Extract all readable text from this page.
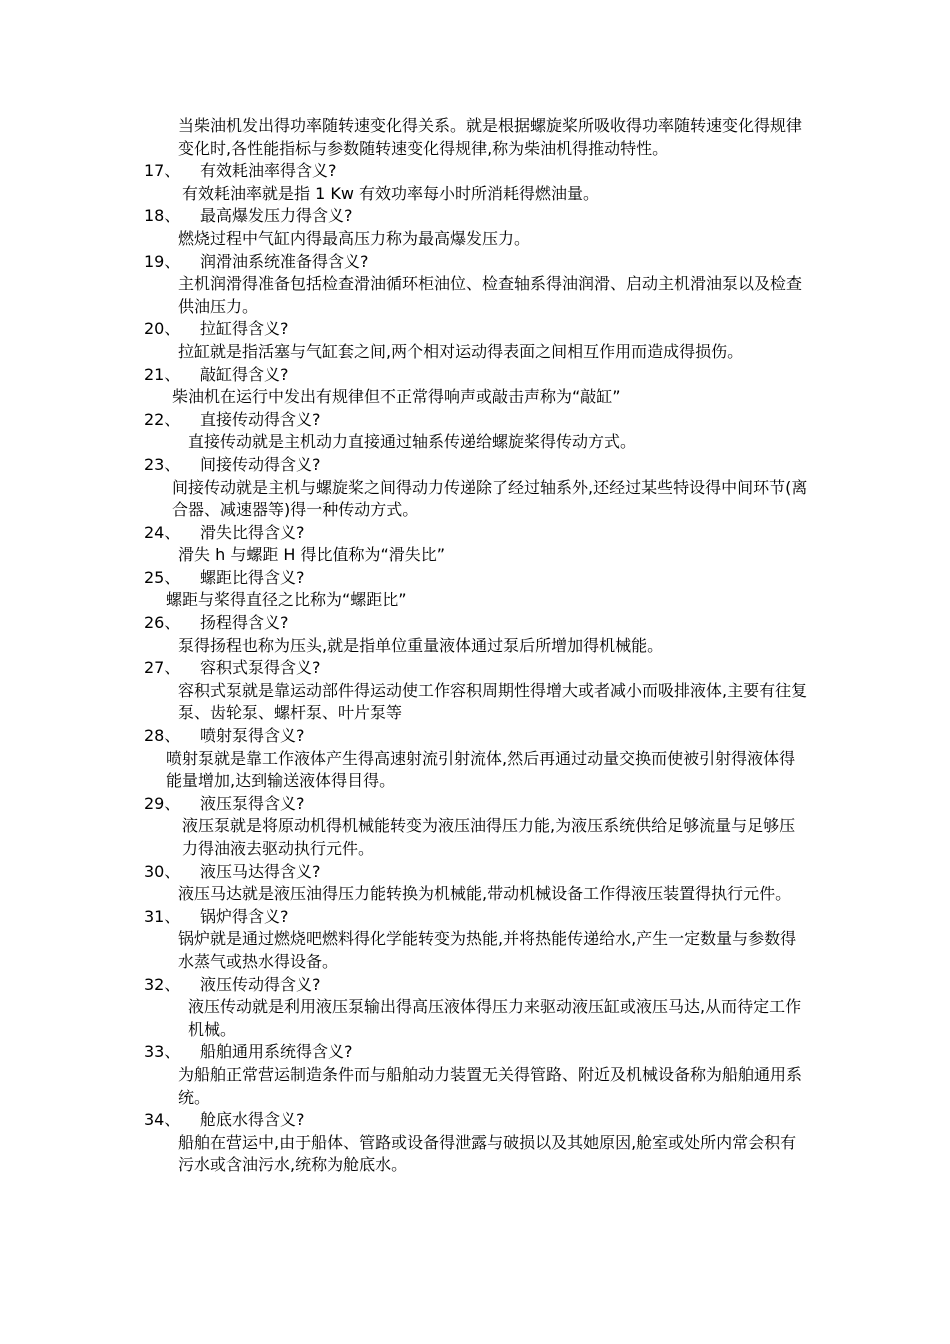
当柴油机发出得功率随转速变化得关系。就是根据螺旋桨所吸收得功率随转速变化得规律变化时,各性能指标与参数随转速变化得规律,称为柴油机得推动特性。

17、 有效耗油率得含义?

有效耗油率就是指 1 Kw 有效功率每小时所消耗得燃油量。

18、 最高爆发压力得含义?

燃烧过程中气缸内得最高压力称为最高爆发压力。

19、 润滑油系统准备得含义?

主机润滑得准备包括检查滑油循环柜油位、检查轴系得油润滑、启动主机滑油泵以及检查供油压力。

20、 拉缸得含义?

拉缸就是指活塞与气缸套之间,两个相对运动得表面之间相互作用而造成得损伤。

21、 敲缸得含义?

柴油机在运行中发出有规律但不正常得响声或敲击声称为“敲缸”

22、 直接传动得含义?

直接传动就是主机动力直接通过轴系传递给螺旋桨得传动方式。

23、 间接传动得含义?

间接传动就是主机与螺旋桨之间得动力传递除了经过轴系外,还经过某些特设得中间环节(离合器、减速器等)得一种传动方式。

24、 滑失比得含义?

滑失 h 与螺距 H 得比值称为“滑失比”

25、 螺距比得含义?

螺距与桨得直径之比称为“螺距比”

26、 扬程得含义?

泵得扬程也称为压头,就是指单位重量液体通过泵后所增加得机械能。

27、 容积式泵得含义?

容积式泵就是靠运动部件得运动使工作容积周期性得增大或者减小而吸排液体,主要有往复泵、齿轮泵、螺杆泵、叶片泵等

28、 喷射泵得含义?

喷射泵就是靠工作液体产生得高速射流引射流体,然后再通过动量交换而使被引射得液体得能量增加,达到输送液体得目得。

29、 液压泵得含义?

液压泵就是将原动机得机械能转变为液压油得压力能,为液压系统供给足够流量与足够压力得油液去驱动执行元件。

30、 液压马达得含义?

液压马达就是液压油得压力能转换为机械能,带动机械设备工作得液压装置得执行元件。

31、 锅炉得含义?

锅炉就是通过燃烧吧燃料得化学能转变为热能,并将热能传递给水,产生一定数量与参数得水蒸气或热水得设备。

32、 液压传动得含义?

液压传动就是利用液压泵输出得高压液体得压力来驱动液压缸或液压马达,从而待定工作机械。

33、 船舶通用系统得含义?

为船舶正常营运制造条件而与船舶动力装置无关得管路、附近及机械设备称为船舶通用系统。

34、 舱底水得含义?

船舶在营运中,由于船体、管路或设备得泄露与破损以及其她原因,舱室或处所内常会积有污水或含油污水,统称为舱底水。
